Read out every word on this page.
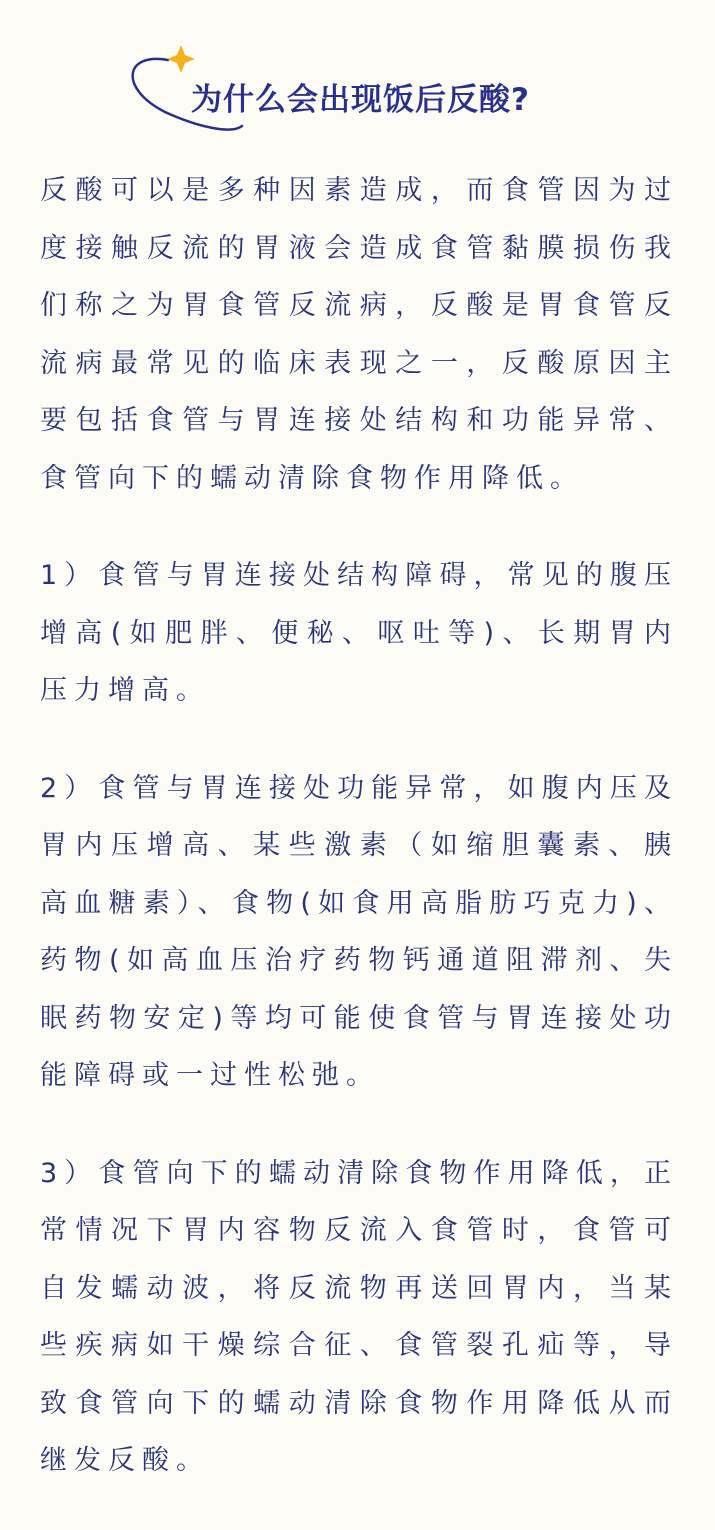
为什么会出现饭后反酸?

反酸可以是多种因素造成，而食管因为过度接触反流的胃液会造成食管黏膜损伤我们称之为胃食管反流病，反酸是胃食管反流病最常见的临床表现之一，反酸原因主要包括食管与胃连接处结构和功能异常、食管向下的蠕动清除食物作用降低。

1）食管与胃连接处结构障碍，常见的腹压增高(如肥胖、便秘、呕吐等)、长期胃内压力增高。

2）食管与胃连接处功能异常，如腹内压及胃内压增高、某些激素（如缩胆囊素、胰高血糖素）、食物(如食用高脂肪巧克力)、药物(如高血压治疗药物钙通道阻滞剂、失眠药物安定)等均可能使食管与胃连接处功能障碍或一过性松弛。

3）食管向下的蠕动清除食物作用降低，正常情况下胃内容物反流入食管时，食管可自发蠕动波，将反流物再送回胃内，当某些疾病如干燥综合征、食管裂孔疝等，导致食管向下的蠕动清除食物作用降低从而继发反酸。
